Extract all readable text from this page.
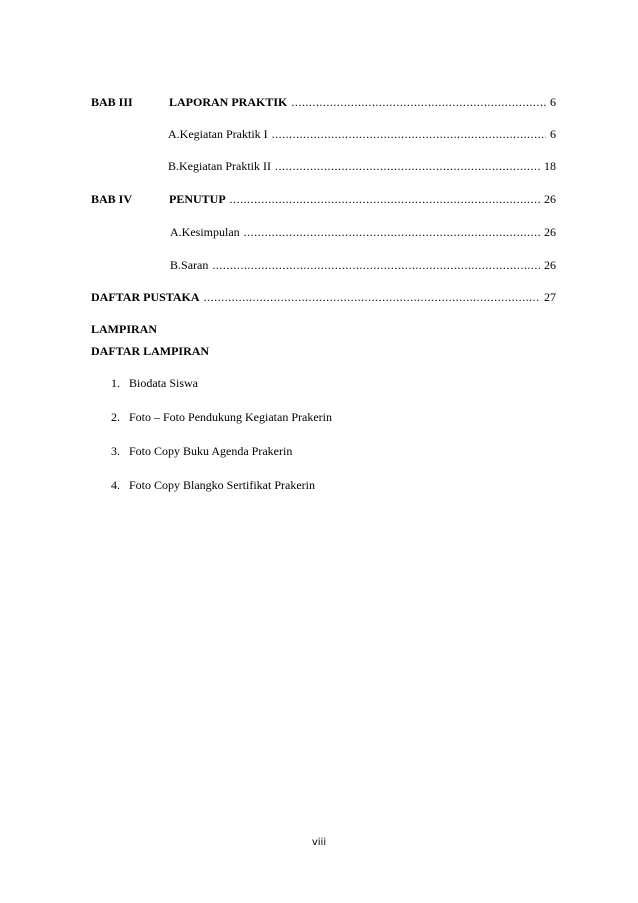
BAB III	LAPORAN PRAKTIK .....	6
A. Kegiatan Praktik I .....	6
B. Kegiatan Praktik II .....	18
BAB IV	PENUTUP .....	26
A. Kesimpulan .....	26
B. Saran .....	26
DAFTAR PUSTAKA .....	27
LAMPIRAN
DAFTAR LAMPIRAN
1. Biodata Siswa
2. Foto – Foto Pendukung Kegiatan Prakerin
3. Foto Copy Buku Agenda Prakerin
4. Foto Copy Blangko Sertifikat Prakerin
viii
